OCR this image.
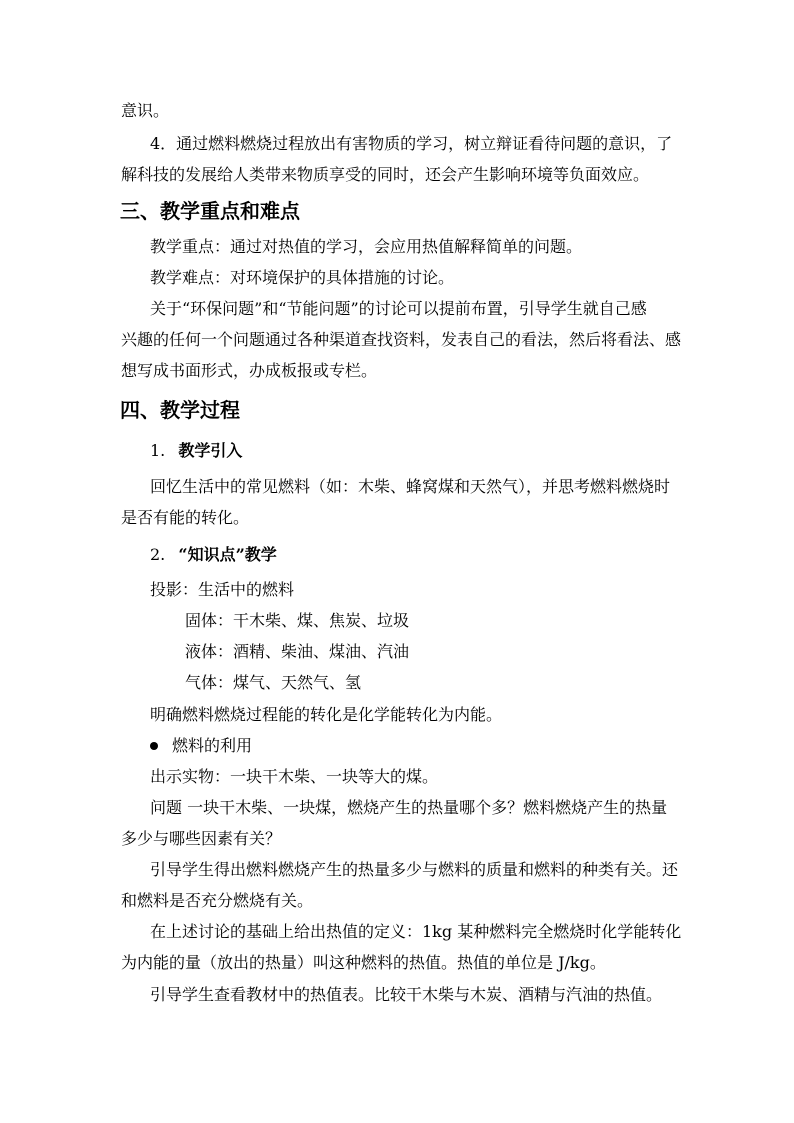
意识。
4．通过燃料燃烧过程放出有害物质的学习，树立辩证看待问题的意识，了
解科技的发展给人类带来物质享受的同时，还会产生影响环境等负面效应。
三、教学重点和难点
教学重点：通过对热值的学习，会应用热值解释简单的问题。
教学难点：对环境保护的具体措施的讨论。
关于“环保问题”和“节能问题”的讨论可以提前布置，引导学生就自己感
兴趣的任何一个问题通过各种渠道查找资料，发表自己的看法，然后将看法、感
想写成书面形式，办成板报或专栏。
四、教学过程
1. 教学引入
回忆生活中的常见燃料（如：木柴、蜂窝煤和天然气），并思考燃料燃烧时
是否有能的转化。
2. “知识点”教学
投影：生活中的燃料
固体：干木柴、煤、焦炭、垃圾
液体：酒精、柴油、煤油、汽油
气体：煤气、天然气、氢
明确燃料燃烧过程能的转化是化学能转化为内能。
燃料的利用
出示实物：一块干木柴、一块等大的煤。
问题 一块干木柴、一块煤，燃烧产生的热量哪个多？燃料燃烧产生的热量
多少与哪些因素有关？
引导学生得出燃料燃烧产生的热量多少与燃料的质量和燃料的种类有关。还
和燃料是否充分燃烧有关。
在上述讨论的基础上给出热值的定义：1kg 某种燃料完全燃烧时化学能转化
为内能的量（放出的热量）叫这种燃料的热值。热值的单位是 J/kg。
引导学生查看教材中的热值表。比较干木柴与木炭、酒精与汽油的热值。
